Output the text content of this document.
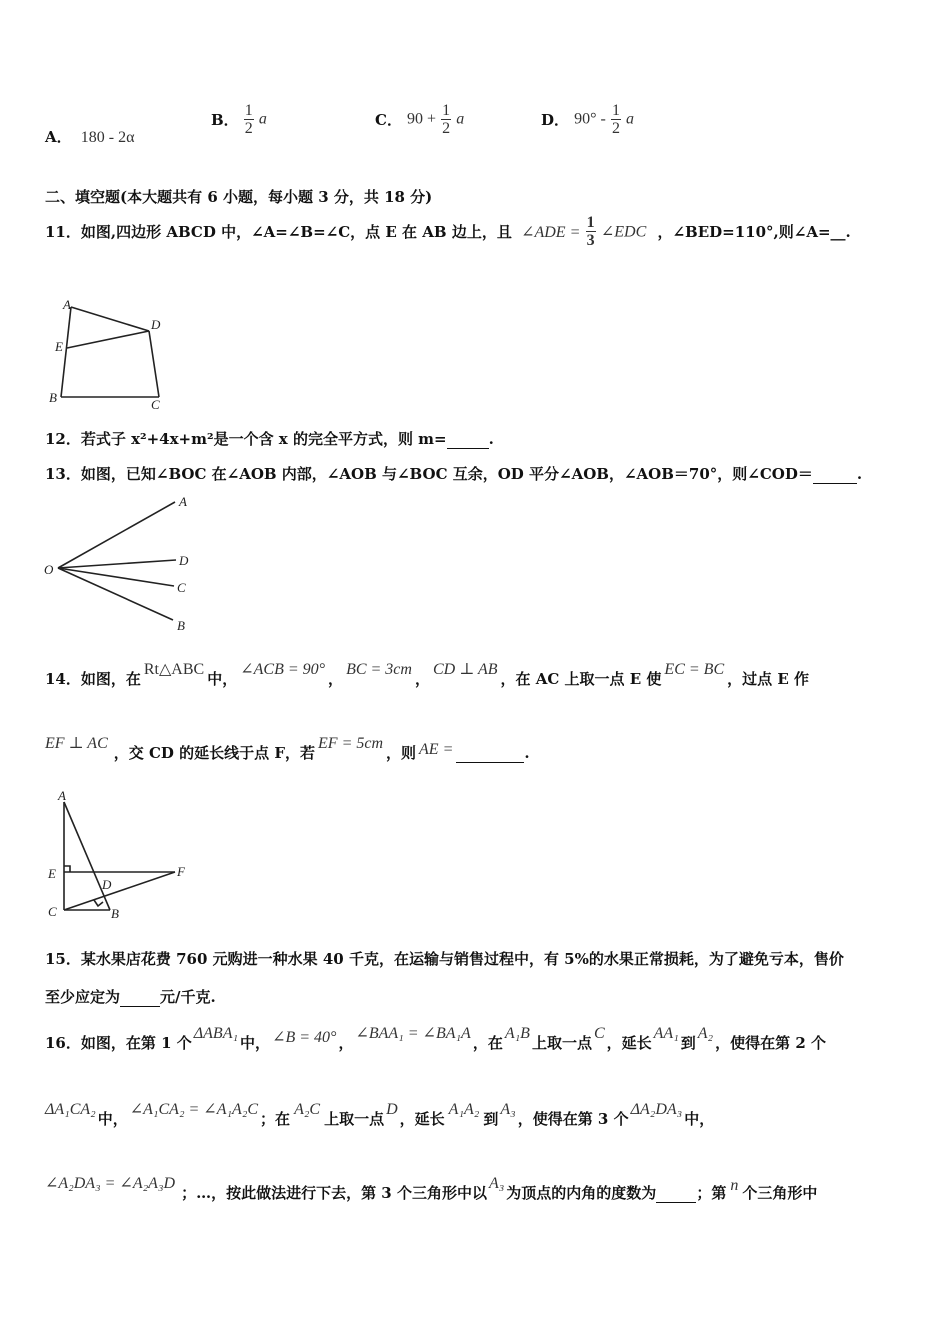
A． 180 - 2α
B． $\frac{1}{2}$ a	C． $90 + \frac{1}{2}$ a	D． $90^\circ - \frac{1}{2}$ a
二、填空题(本大题共有 6 小题，每小题 3 分，共 18 分)
11．如图,四边形 ABCD 中，∠A=∠B=∠C，点 E 在 AB 边上，且 ∠ADE = $\frac{1}{3}$ ∠EDC ，∠BED=110°,则∠A=__.
A
D
E
B	C
12．若式子 x²+4x+m²是一个含 x 的完全平方式，则 m=	.
13．如图，已知∠BOC 在∠AOB 内部，∠AOB 与∠BOC 互余，OD 平分∠AOB，∠AOB＝70°，则∠COD＝	.
O
A
D
C
B
14．如图，在Rt△ABC中，∠ACB = 90°，BC = 3cm，CD ⊥ AB，在 AC 上取一点 E 使EC = BC，过点 E 作
EF ⊥ AC，交 CD 的延长线于点 F，若EF = 5cm，则 AE =	.
A
E
C	B
D
F
15．某水果店花费 760 元购进一种水果 40 千克，在运输与销售过程中，有 5%的水果正常损耗，为了避免亏本，售价
至少应定为	元/千克.
16．如图，在第 1 个ΔABA₁中， ∠B = 40° ，∠BAA₁ = ∠BA₁A，在A₁B上取一点C，延长AA₁到A₂，使得在第 2 个
ΔA₁CA₂中，∠A₁CA₂ = ∠A₁A₂C；在A₂C上取一点D，延长A₁A₂到A₃，使得在第 3 个ΔA₂DA₃中，
∠A₂DA₃ = ∠A₂A₃D；…，按此做法进行下去，第 3 个三角形中以A₃为顶点的内角的度数为	；第 n 个三角形中
